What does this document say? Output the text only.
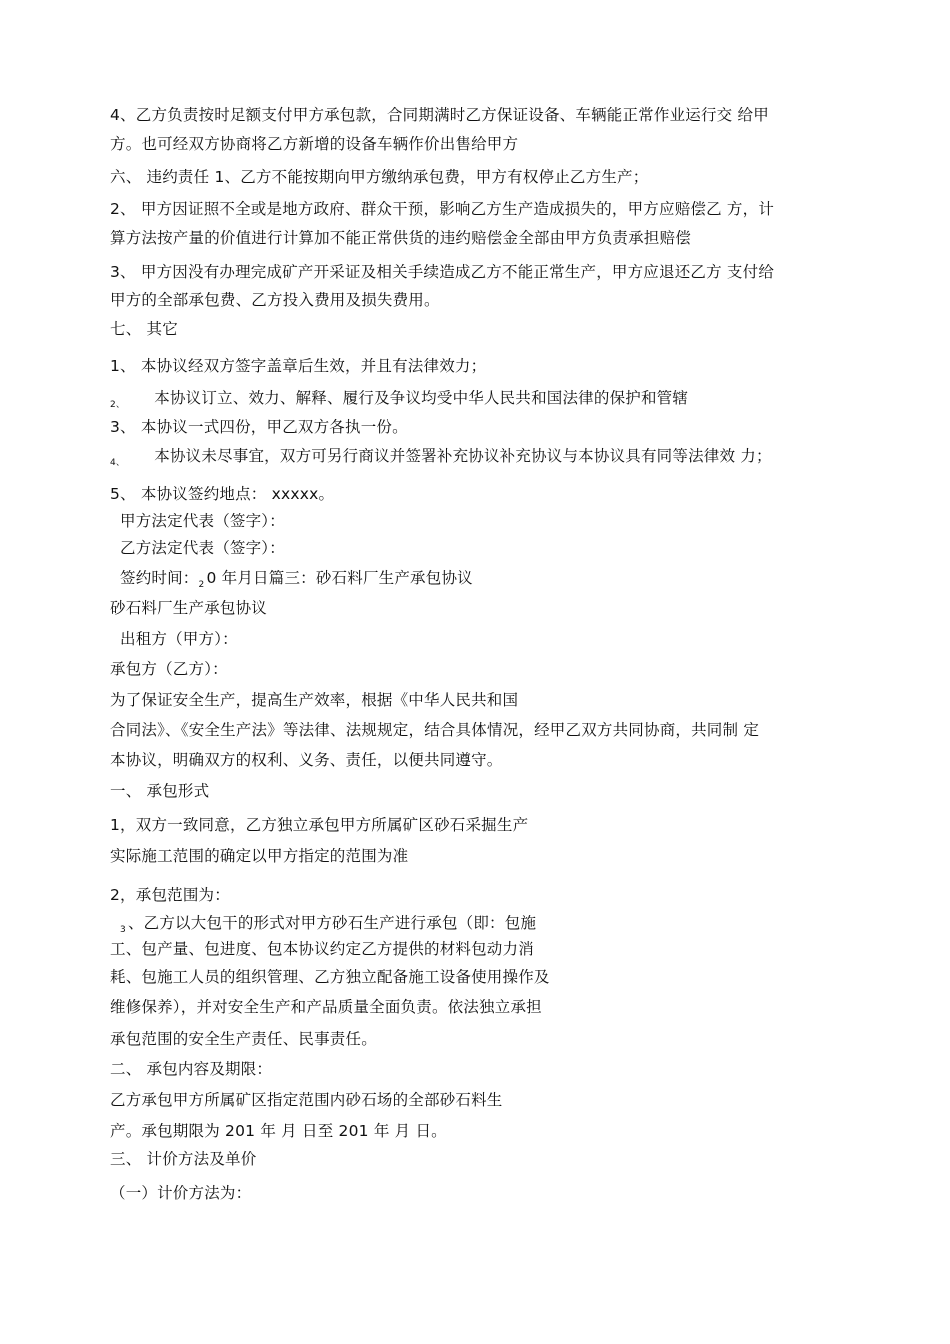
4、乙方负责按时足额支付甲方承包款，合同期满时乙方保证设备、车辆能正常作业运行交 给甲
方。也可经双方协商将乙方新增的设备车辆作价出售给甲方
六、 违约责任 1、乙方不能按期向甲方缴纳承包费，甲方有权停止乙方生产；
2、 甲方因证照不全或是地方政府、群众干预，影响乙方生产造成损失的，甲方应赔偿乙 方，计
算方法按产量的价值进行计算加不能正常供货的违约赔偿金全部由甲方负责承担赔偿
3、 甲方因没有办理完成矿产开采证及相关手续造成乙方不能正常生产，甲方应退还乙方 支付给
甲方的全部承包费、乙方投入费用及损失费用。
七、 其它
1、 本协议经双方签字盖章后生效，并且有法律效力；
$_{2、}$ 本协议订立、效力、解释、履行及争议均受中华人民共和国法律的保护和管辖
3、 本协议一式四份，甲乙双方各执一份。
$_{4、}$ 本协议未尽事宜，双方可另行商议并签署补充协议补充协议与本协议具有同等法律效 力；
5、 本协议签约地点： xxxxx。
甲方法定代表（签字）：
乙方法定代表（签字）：
签约时间：$_2$ 0 年月日篇三：砂石料厂生产承包协议
砂石料厂生产承包协议
出租方（甲方）：
承包方（乙方）：
为了保证安全生产，提高生产效率，根据《中华人民共和国
合同法》、《安全生产法》等法律、法规规定，结合具体情况，经甲乙双方共同协商，共同制 定
本协议，明确双方的权利、义务、责任，以便共同遵守。
一、 承包形式
1，双方一致同意，乙方独立承包甲方所属矿区砂石采掘生产
实际施工范围的确定以甲方指定的范围为准
2，承包范围为：
$_3$ 、乙方以大包干的形式对甲方砂石生产进行承包（即：包施
工、包产量、包进度、包本协议约定乙方提供的材料包动力消
耗、包施工人员的组织管理、乙方独立配备施工设备使用操作及
维修保养），并对安全生产和产品质量全面负责。依法独立承担
承包范围的安全生产责任、民事责任。
二、 承包内容及期限：
乙方承包甲方所属矿区指定范围内砂石场的全部砂石料生
产。承包期限为 201 年 月 日至 201 年 月 日。
三、 计价方法及单价
（一）计价方法为：
